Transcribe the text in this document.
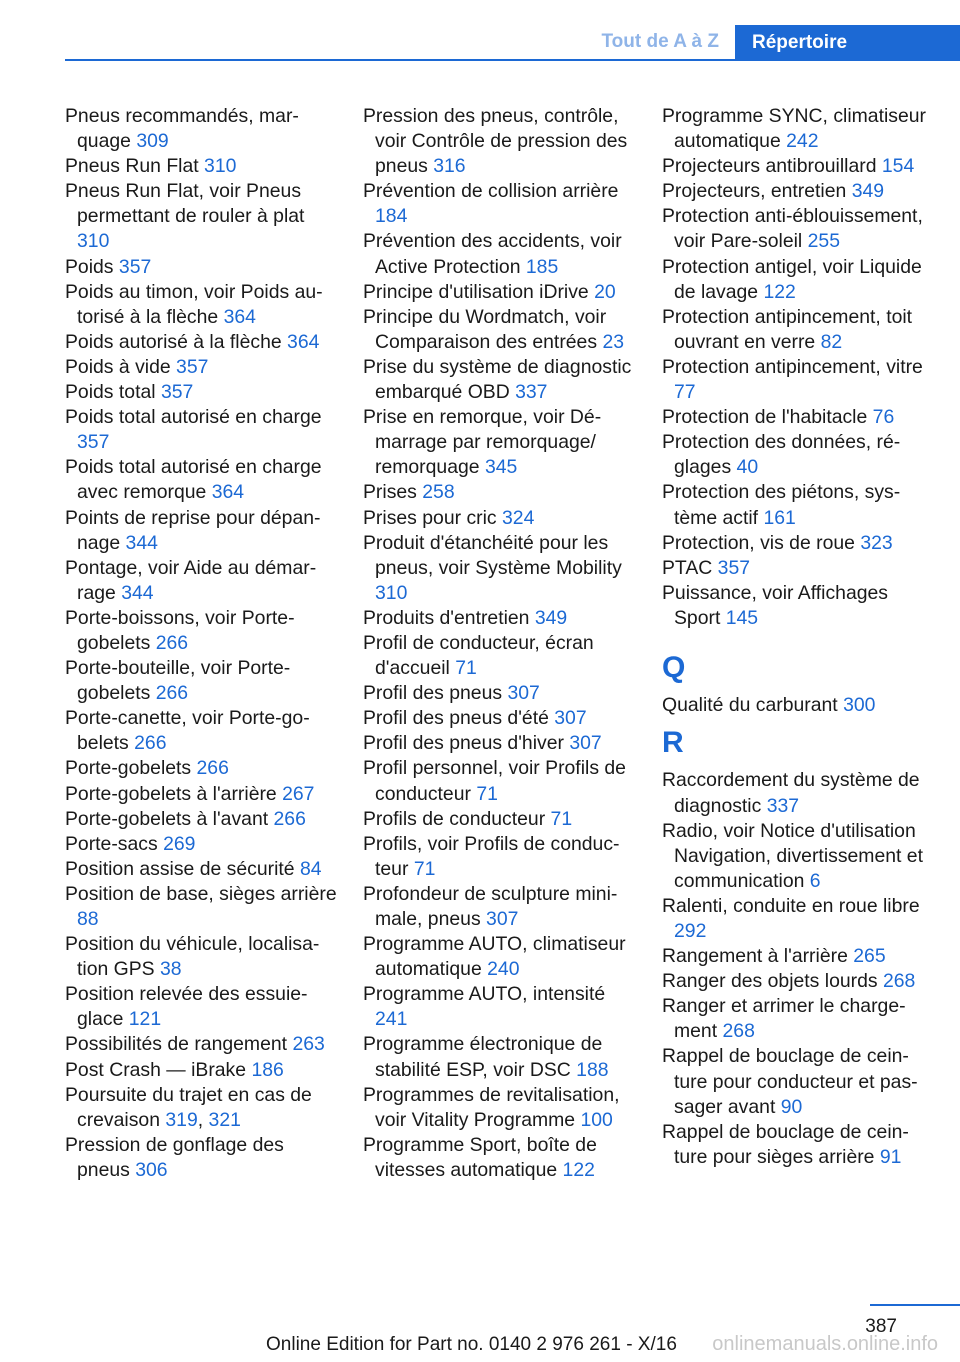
Tout de A à Z	Répertoire
Pneus recommandés, marquage 309
Pneus Run Flat 310
Pneus Run Flat, voir Pneus permettant de rouler à plat 310
Poids 357
Poids au timon, voir Poids autorisé à la flèche 364
Poids autorisé à la flèche 364
Poids à vide 357
Poids total 357
Poids total autorisé en charge 357
Poids total autorisé en charge avec remorque 364
Points de reprise pour dépannage 344
Pontage, voir Aide au démarrage 344
Porte-boissons, voir Porte-gobelets 266
Porte-bouteille, voir Porte-gobelets 266
Porte-canette, voir Porte-gobelets 266
Porte-gobelets 266
Porte-gobelets à l'arrière 267
Porte-gobelets à l'avant 266
Porte-sacs 269
Position assise de sécurité 84
Position de base, sièges arrière 88
Position du véhicule, localisation GPS 38
Position relevée des essuie-glace 121
Possibilités de rangement 263
Post Crash — iBrake 186
Poursuite du trajet en cas de crevaison 319, 321
Pression de gonflage des pneus 306
Pression des pneus, contrôle, voir Contrôle de pression des pneus 316
Prévention de collision arrière 184
Prévention des accidents, voir Active Protection 185
Principe d'utilisation iDrive 20
Principe du Wordmatch, voir Comparaison des entrées 23
Prise du système de diagnostic embarqué OBD 337
Prise en remorque, voir Démarrage par remorquage/ remorquage 345
Prises 258
Prises pour cric 324
Produit d'étanchéité pour les pneus, voir Système Mobility 310
Produits d'entretien 349
Profil de conducteur, écran d'accueil 71
Profil des pneus 307
Profil des pneus d'été 307
Profil des pneus d'hiver 307
Profil personnel, voir Profils de conducteur 71
Profils de conducteur 71
Profils, voir Profils de conducteur 71
Profondeur de sculpture minimale, pneus 307
Programme AUTO, climatiseur automatique 240
Programme AUTO, intensité 241
Programme électronique de stabilité ESP, voir DSC 188
Programmes de revitalisation, voir Vitality Programme 100
Programme Sport, boîte de vitesses automatique 122
Programme SYNC, climatiseur automatique 242
Projecteurs antibrouillard 154
Projecteurs, entretien 349
Protection anti-éblouissement, voir Pare-soleil 255
Protection antigel, voir Liquide de lavage 122
Protection antipincement, toit ouvrant en verre 82
Protection antipincement, vitre 77
Protection de l'habitacle 76
Protection des données, réglages 40
Protection des piétons, système actif 161
Protection, vis de roue 323
PTAC 357
Puissance, voir Affichages Sport 145
Q
Qualité du carburant 300
R
Raccordement du système de diagnostic 337
Radio, voir Notice d'utilisation Navigation, divertissement et communication 6
Ralenti, conduite en roue libre 292
Rangement à l'arrière 265
Ranger des objets lourds 268
Ranger et arrimer le chargement 268
Rappel de bouclage de ceinture pour conducteur et passager avant 90
Rappel de bouclage de ceinture pour sièges arrière 91
387
Online Edition for Part no. 0140 2 976 261 - X/16 onlinemanuals.online.info
